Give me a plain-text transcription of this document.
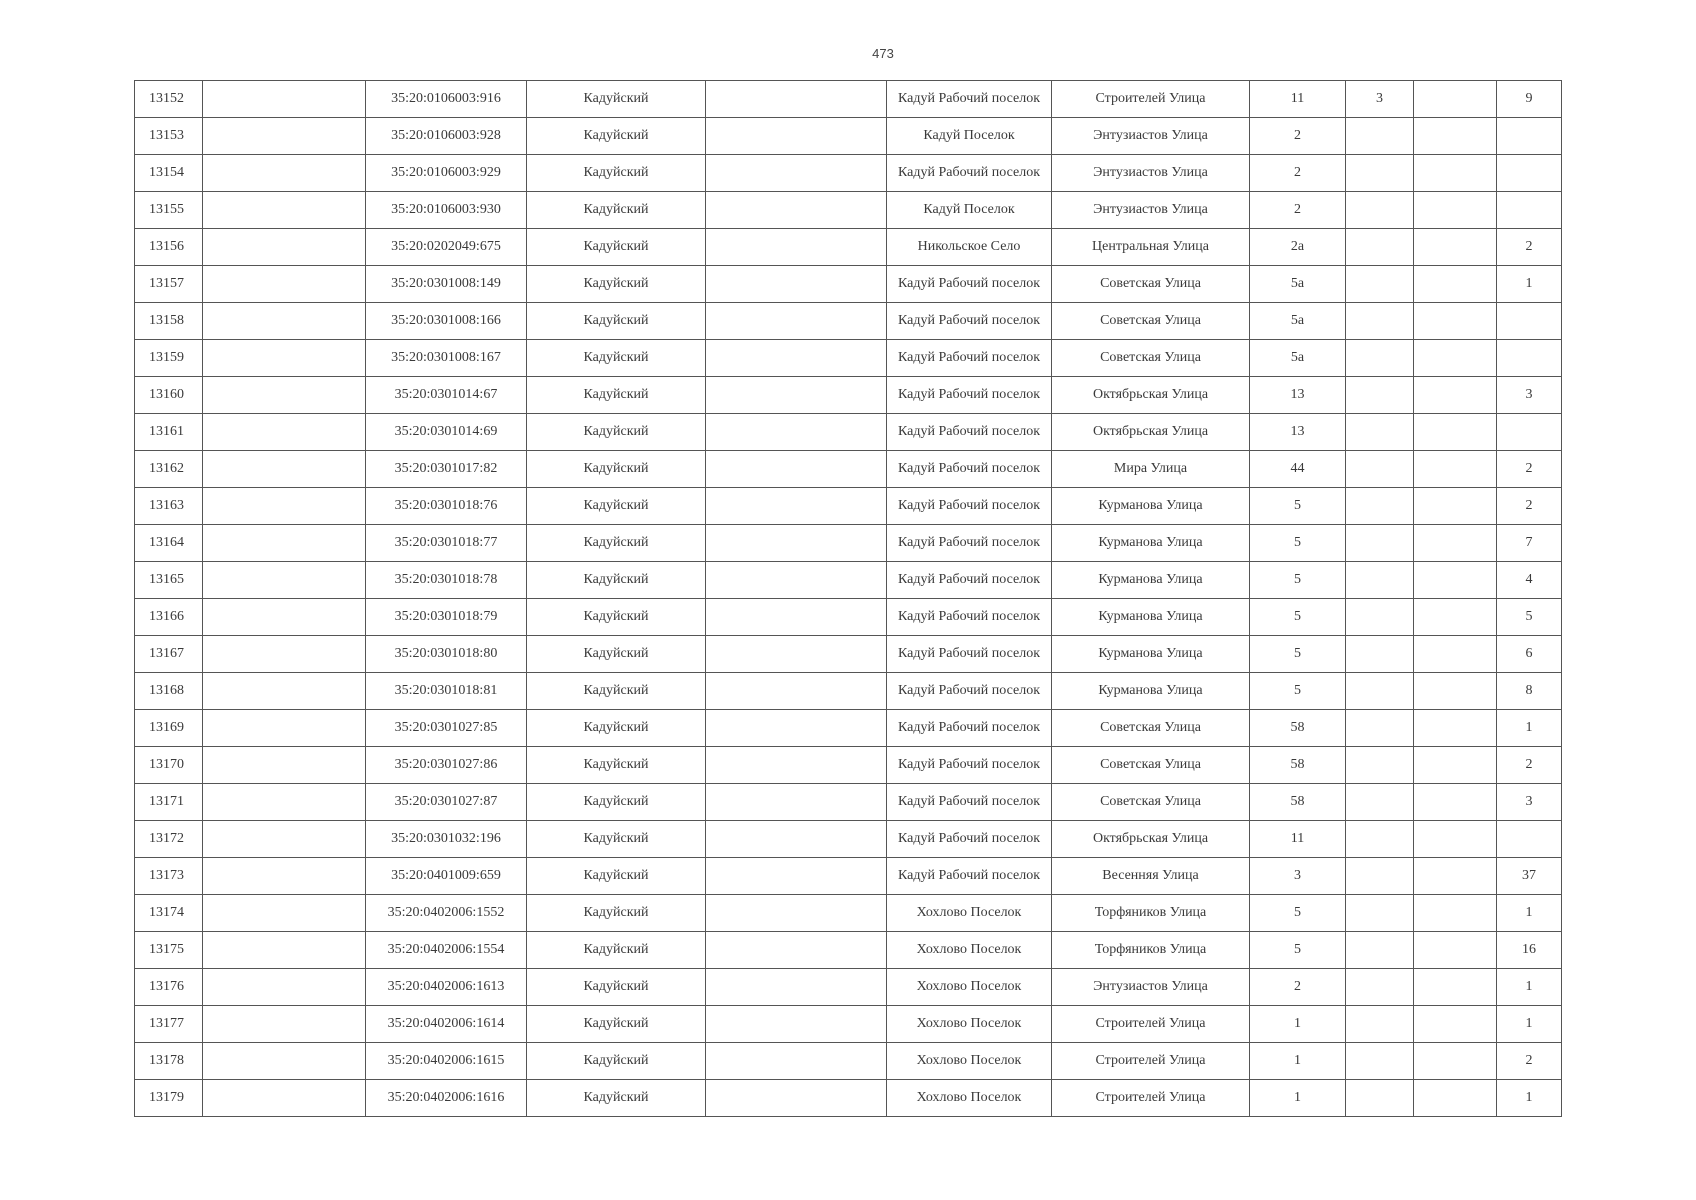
473
13152		35:20:0106003:916	Кадуйский		Кадуй Рабочий поселок	Строителей Улица	11	3		9
13153		35:20:0106003:928	Кадуйский		Кадуй Поселок	Энтузиастов Улица	2			
13154		35:20:0106003:929	Кадуйский		Кадуй Рабочий поселок	Энтузиастов Улица	2			
13155		35:20:0106003:930	Кадуйский		Кадуй Поселок	Энтузиастов Улица	2			
13156		35:20:0202049:675	Кадуйский		Никольское Село	Центральная Улица	2а			2
13157		35:20:0301008:149	Кадуйский		Кадуй Рабочий поселок	Советская Улица	5а			1
13158		35:20:0301008:166	Кадуйский		Кадуй Рабочий поселок	Советская Улица	5а			
13159		35:20:0301008:167	Кадуйский		Кадуй Рабочий поселок	Советская Улица	5а			
13160		35:20:0301014:67	Кадуйский		Кадуй Рабочий поселок	Октябрьская Улица	13			3
13161		35:20:0301014:69	Кадуйский		Кадуй Рабочий поселок	Октябрьская Улица	13			
13162		35:20:0301017:82	Кадуйский		Кадуй Рабочий поселок	Мира Улица	44			2
13163		35:20:0301018:76	Кадуйский		Кадуй Рабочий поселок	Курманова Улица	5			2
13164		35:20:0301018:77	Кадуйский		Кадуй Рабочий поселок	Курманова Улица	5			7
13165		35:20:0301018:78	Кадуйский		Кадуй Рабочий поселок	Курманова Улица	5			4
13166		35:20:0301018:79	Кадуйский		Кадуй Рабочий поселок	Курманова Улица	5			5
13167		35:20:0301018:80	Кадуйский		Кадуй Рабочий поселок	Курманова Улица	5			6
13168		35:20:0301018:81	Кадуйский		Кадуй Рабочий поселок	Курманова Улица	5			8
13169		35:20:0301027:85	Кадуйский		Кадуй Рабочий поселок	Советская Улица	58			1
13170		35:20:0301027:86	Кадуйский		Кадуй Рабочий поселок	Советская Улица	58			2
13171		35:20:0301027:87	Кадуйский		Кадуй Рабочий поселок	Советская Улица	58			3
13172		35:20:0301032:196	Кадуйский		Кадуй Рабочий поселок	Октябрьская Улица	11			
13173		35:20:0401009:659	Кадуйский		Кадуй Рабочий поселок	Весенняя Улица	3			37
13174		35:20:0402006:1552	Кадуйский		Хохлово Поселок	Торфяников Улица	5			1
13175		35:20:0402006:1554	Кадуйский		Хохлово Поселок	Торфяников Улица	5			16
13176		35:20:0402006:1613	Кадуйский		Хохлово Поселок	Энтузиастов Улица	2			1
13177		35:20:0402006:1614	Кадуйский		Хохлово Поселок	Строителей Улица	1			1
13178		35:20:0402006:1615	Кадуйский		Хохлово Поселок	Строителей Улица	1			2
13179		35:20:0402006:1616	Кадуйский		Хохлово Поселок	Строителей Улица	1			1
